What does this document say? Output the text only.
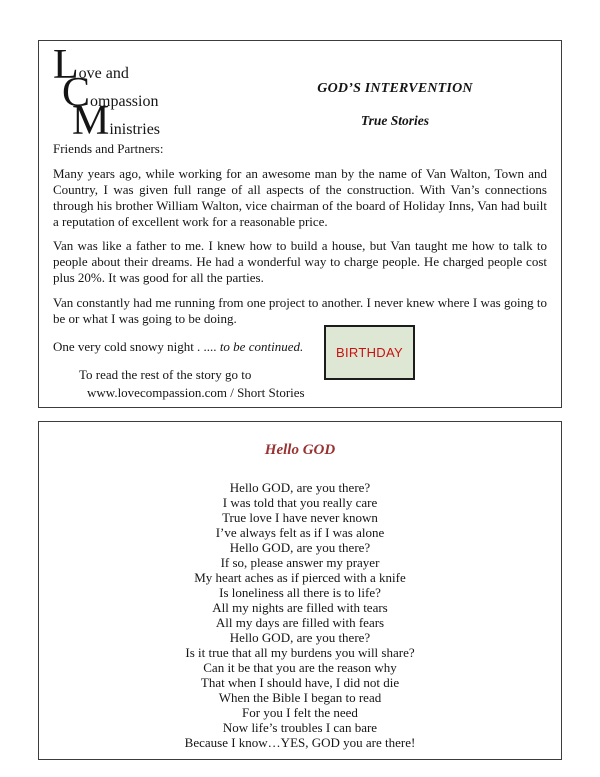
L ove and
C ompassion
M inistries
GOD’S INTERVENTION
True Stories
Friends and Partners:

Many years ago, while working for an awesome man by the name of Van Walton, Town and Country, I was given full range of all aspects of the construction. With Van’s connections through his brother William Walton, vice chairman of the board of Holiday Inns, Van had built a reputation of excellent work for a reasonable price.

Van was like a father to me. I knew how to build a house, but Van taught me how to talk to people about their dreams. He had a wonderful way to charge people. He charged people cost plus 20%. It was good for all the parties.

Van constantly had me running from one project to another. I never knew where I was going to be or what I was going to be doing.

One very cold snowy night . .... to be continued.
To read the rest of the story go to
www.lovecompassion.com / Short Stories
BIRTHDAY
Hello GOD
Hello GOD, are you there?
I was told that you really care
True love I have never known
I’ve always felt as if I was alone
Hello GOD, are you there?
If so, please answer my prayer
My heart aches as if pierced with a knife
Is loneliness all there is to life?
All my nights are filled with tears
All my days are filled with fears
Hello GOD, are you there?
Is it true that all my burdens you will share?
Can it be that you are the reason why
That when I should have, I did not die
When the Bible I began to read
For you I felt the need
Now life’s troubles I can bare
Because I know…YES, GOD you are there!
